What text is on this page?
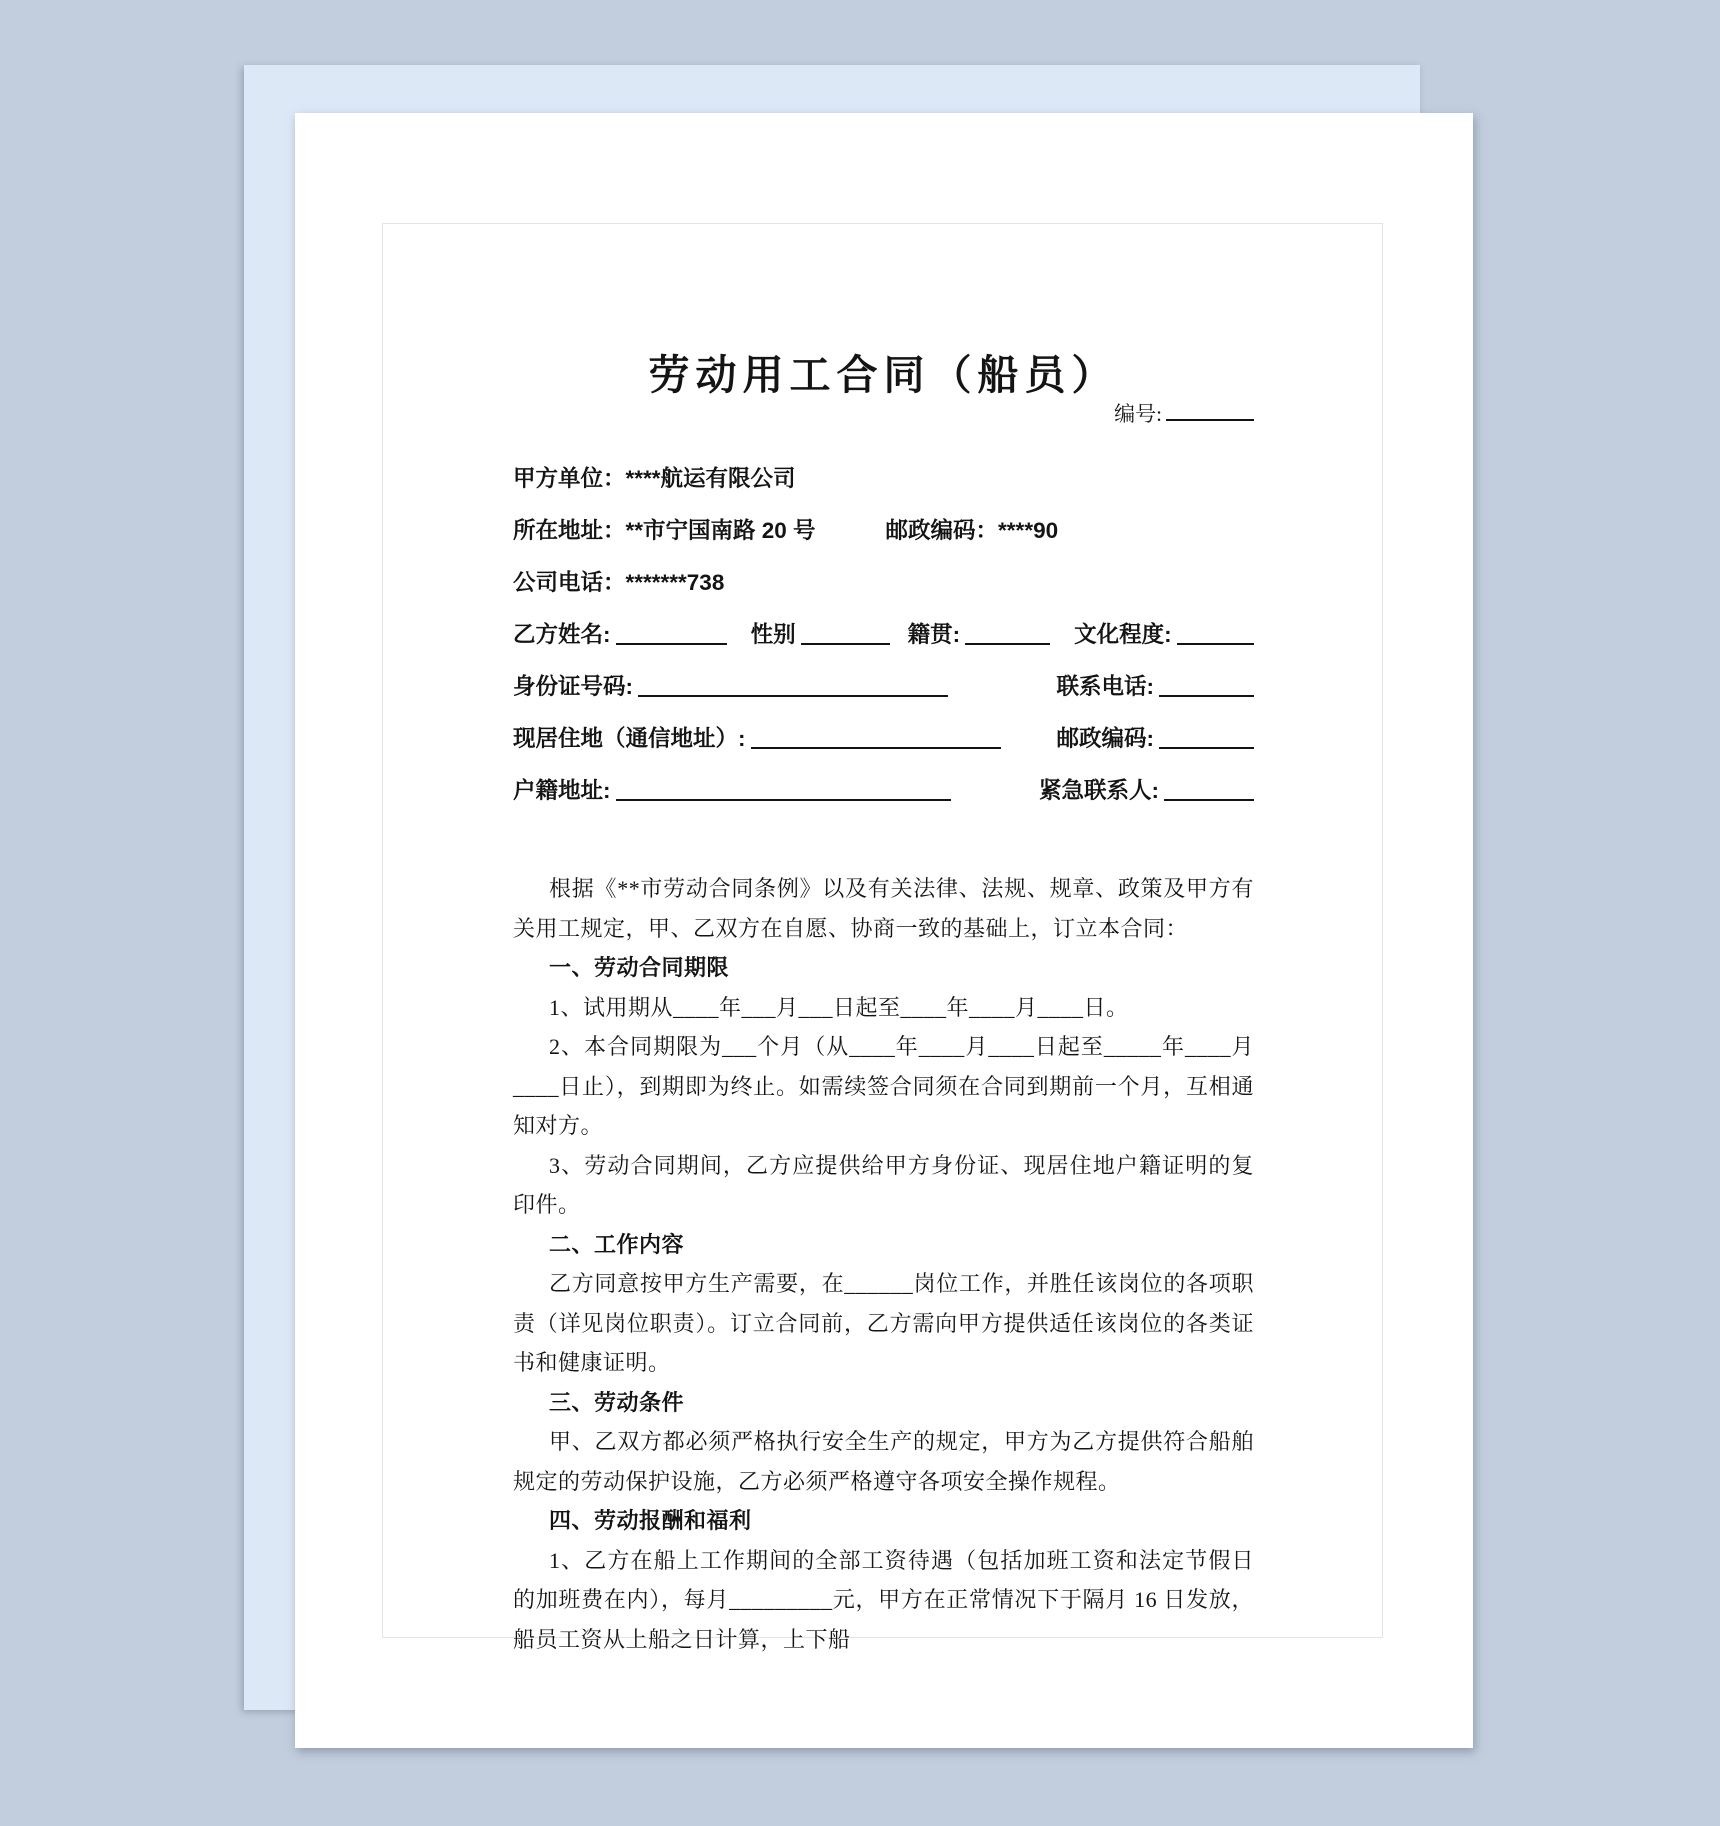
劳动用工合同（船员）
编号:
甲方单位：****航运有限公司
所在地址：**市宁国南路 20 号	邮政编码：****90
公司电话：*******738
乙方姓名:	性别	籍贯:	文化程度:
身份证号码:	联系电话:
现居住地（通信地址）:	邮政编码:
户籍地址:	紧急联系人:

根据《**市劳动合同条例》以及有关法律、法规、规章、政策及甲方有关用工规定，甲、乙双方在自愿、协商一致的基础上，订立本合同：

一、劳动合同期限

1、试用期从____年___月___日起至____年____月____日。

2、本合同期限为___个月（从____年____月____日起至_____年____月____日止），到期即为终止。如需续签合同须在合同到期前一个月，互相通知对方。

3、劳动合同期间，乙方应提供给甲方身份证、现居住地户籍证明的复印件。

二、工作内容

乙方同意按甲方生产需要，在______岗位工作，并胜任该岗位的各项职责（详见岗位职责）。订立合同前，乙方需向甲方提供适任该岗位的各类证书和健康证明。

三、劳动条件

甲、乙双方都必须严格执行安全生产的规定，甲方为乙方提供符合船舶规定的劳动保护设施，乙方必须严格遵守各项安全操作规程。

四、劳动报酬和福利

1、乙方在船上工作期间的全部工资待遇（包括加班工资和法定节假日的加班费在内），每月_________元，甲方在正常情况下于隔月 16 日发放，船员工资从上船之日计算，上下船
